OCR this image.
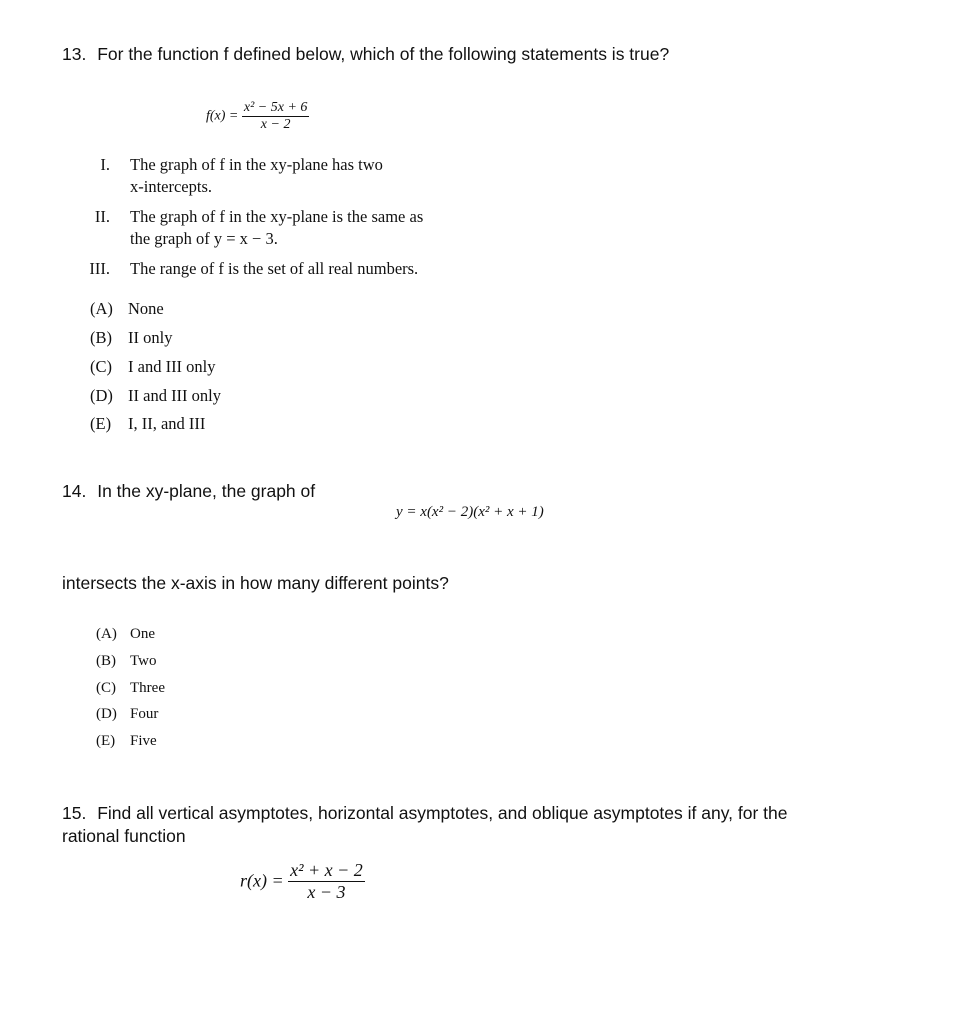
13. For the function f defined below, which of the following statements is true?
$f(x) = \frac{\text{x² − 5x + 6}}{x - 2}$
I. The graph of f in the xy-plane has two
x-intercepts.
II. The graph of f in the xy-plane is the same as
the graph of y = x − 3.
III. The range of f is the set of all real numbers.
(A) None
(B) II only
(C) I and III only
(D) II and III only
(E) I, II, and III
14. In the xy-plane, the graph of
y = x(x² − 2)(x² + x + 1)
intersects the x-axis in how many different points?
(A) One
(B) Two
(C) Three
(D) Four
(E) Five
15. Find all vertical asymptotes, horizontal asymptotes, and oblique asymptotes if any, for the
rational function
$r(x) = \frac{\text{x² + x − 2}}{x - 3}$
